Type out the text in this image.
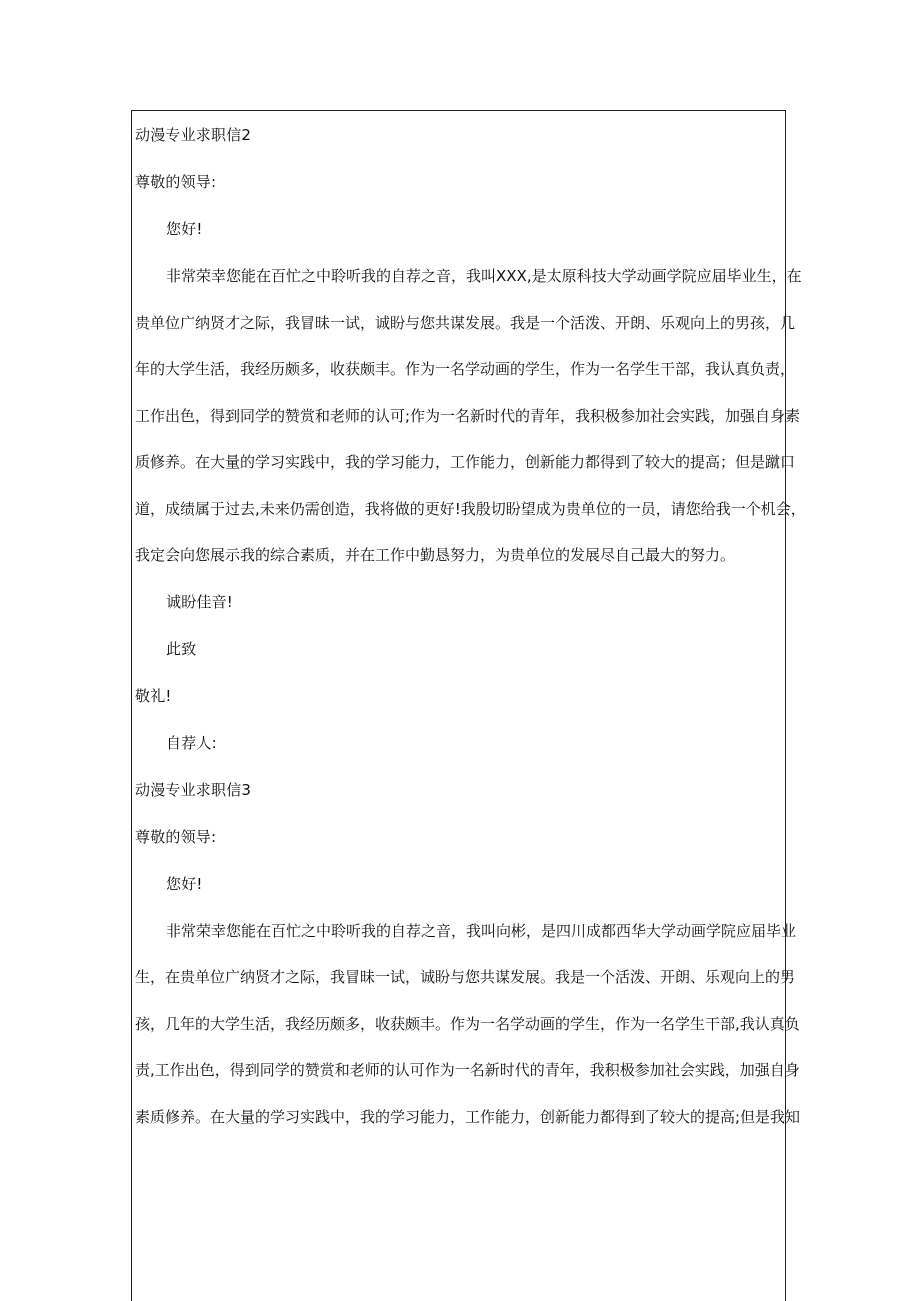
动漫专业求职信2
尊敬的领导:
您好!
非常荣幸您能在百忙之中聆听我的自荐之音，我叫XXX,是太原科技大学动画学院应届毕业生，在
贵单位广纳贤才之际，我冒昧一试，诚盼与您共谋发展。我是一个活泼、开朗、乐观向上的男孩，几
年的大学生活，我经历颇多，收获颇丰。作为一名学动画的学生，作为一名学生干部，我认真负责，
工作出色，得到同学的赞赏和老师的认可;作为一名新时代的青年，我积极参加社会实践，加强自身素
质修养。在大量的学习实践中，我的学习能力，工作能力，创新能力都得到了较大的提高；但是蹴口
道，成绩属于过去,未来仍需创造，我将做的更好!我殷切盼望成为贵单位的一员，请您给我一个机会，
我定会向您展示我的综合素质，并在工作中勤恳努力，为贵单位的发展尽自己最大的努力。
诚盼佳音!
此致
敬礼!
自荐人:
动漫专业求职信3
尊敬的领导:
您好!
非常荣幸您能在百忙之中聆听我的自荐之音，我叫向彬，是四川成都西华大学动画学院应届毕业
生，在贵单位广纳贤才之际，我冒昧一试，诚盼与您共谋发展。我是一个活泼、开朗、乐观向上的男
孩，几年的大学生活，我经历颇多，收获颇丰。作为一名学动画的学生，作为一名学生干部,我认真负
责,工作出色，得到同学的赞赏和老师的认可作为一名新时代的青年，我积极参加社会实践，加强自身
素质修养。在大量的学习实践中，我的学习能力，工作能力，创新能力都得到了较大的提高;但是我知
